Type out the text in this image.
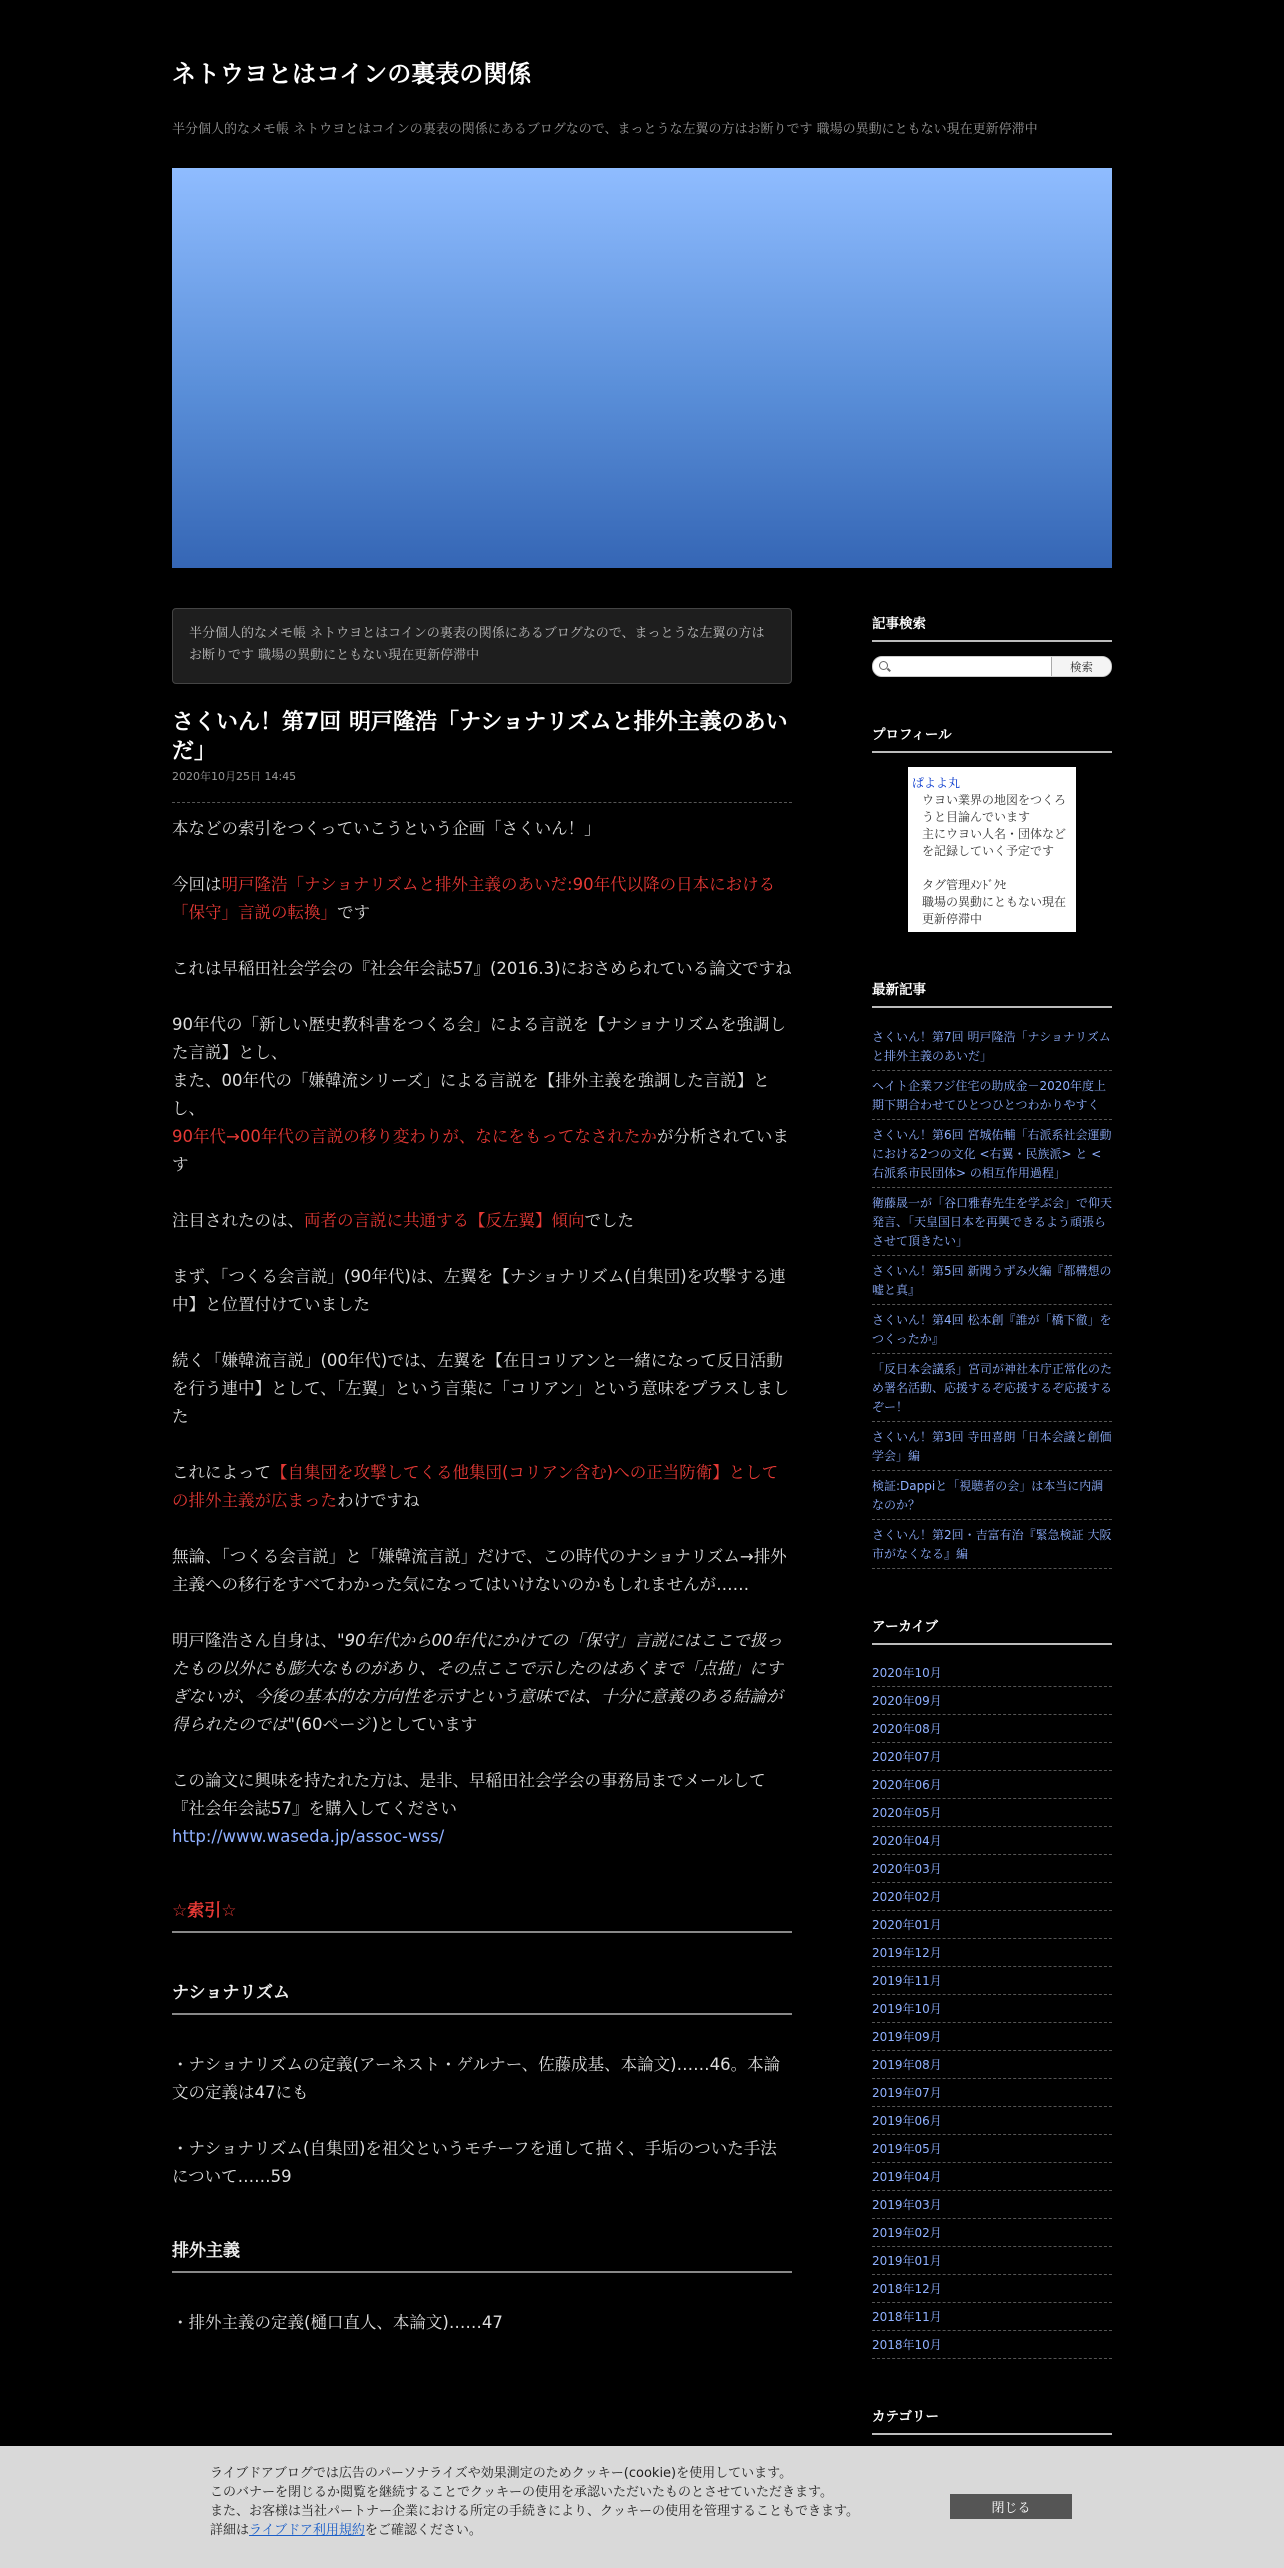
ネトウヨとはコインの裏表の関係

半分個人的なメモ帳 ネトウヨとはコインの裏表の関係にあるブログなので、まっとうな左翼の方はお断りです 職場の異動にともない現在更新停滞中

半分個人的なメモ帳 ネトウヨとはコインの裏表の関係にあるブログなので、まっとうな左翼の方はお断りです 職場の異動にともない現在更新停滞中
さくいん！第7回 明戸隆浩「ナショナリズムと排外主義のあいだ」
2020年10月25日 14:45

本などの索引をつくっていこうという企画「さくいん！」

今回は明戸隆浩「ナショナリズムと排外主義のあいだ:90年代以降の日本における「保守」言説の転換」です

これは早稲田社会学会の『社会年会誌57』(2016.3)におさめられている論文ですね

90年代の「新しい歴史教科書をつくる会」による言説を【ナショナリズムを強調した言説】とし、
また、00年代の「嫌韓流シリーズ」による言説を【排外主義を強調した言説】とし、
90年代→00年代の言説の移り変わりが、なにをもってなされたかが分析されています

注目されたのは、両者の言説に共通する【反左翼】傾向でした

まず、「つくる会言説」(90年代)は、左翼を【ナショナリズム(自集団)を攻撃する連中】と位置付けていました

続く「嫌韓流言説」(00年代)では、左翼を【在日コリアンと一緒になって反日活動を行う連中】として、「左翼」という言葉に「コリアン」という意味をプラスしました

これによって【自集団を攻撃してくる他集団(コリアン含む)への正当防衛】としての排外主義が広まったわけですね

無論、「つくる会言説」と「嫌韓流言説」だけで、この時代のナショナリズム→排外主義への移行をすべてわかった気になってはいけないのかもしれませんが……

明戸隆浩さん自身は、"90年代から00年代にかけての「保守」言説にはここで扱ったもの以外にも膨大なものがあり、その点ここで示したのはあくまで「点描」にすぎないが、今後の基本的な方向性を示すという意味では、十分に意義のある結論が得られたのでは"(60ページ)としています

この論文に興味を持たれた方は、是非、早稲田社会学会の事務局までメールして『社会年会誌57』を購入してください
http://www.waseda.jp/assoc-wss/

☆索引☆
ナショナリズム

・ナショナリズムの定義(アーネスト・ゲルナー、佐藤成基、本論文)……46。本論文の定義は47にも

・ナショナリズム(自集団)を祖父というモチーフを通して描く、手垢のついた手法について……59

排外主義

・排外主義の定義(樋口直人、本論文)……47

記事検索
検索
プロフィール
ぱよよ丸
ウヨい業界の地図をつくろうと目論んでいます
主にウヨい人名・団体などを記録していく予定です
タグ管理ﾒﾝﾄﾞｸｾ
職場の異動にともない現在更新停滞中
最新記事
さくいん！第7回 明戸隆浩「ナショナリズムと排外主義のあいだ」
ヘイト企業フジ住宅の助成金－2020年度上期下期合わせてひとつひとつわかりやすく
さくいん！第6回 宮城佑輔「右派系社会運動における2つの文化 <右翼・民族派> と <右派系市民団体> の相互作用過程」
衛藤晟一が「谷口雅春先生を学ぶ会」で仰天発言、「天皇国日本を再興できるよう頑張らさせて頂きたい」
さくいん！第5回 新聞うずみ火編『都構想の嘘と真』
さくいん！第4回 松本創『誰が「橋下徹」をつくったか』
「反日本会議系」宮司が神社本庁正常化のため署名活動、応援するぞ応援するぞ応援するぞー！
さくいん！第3回 寺田喜朗「日本会議と創価学会」編
検証:Dappiと「視聴者の会」は本当に内調なのか？
さくいん！第2回・吉富有治『緊急検証 大阪市がなくなる』編
アーカイブ
2020年10月
2020年09月
2020年08月
2020年07月
2020年06月
2020年05月
2020年04月
2020年03月
2020年02月
2020年01月
2019年12月
2019年11月
2019年10月
2019年09月
2019年08月
2019年07月
2019年06月
2019年05月
2019年04月
2019年03月
2019年02月
2019年01月
2018年12月
2018年11月
2018年10月
カテゴリー
ライブドアブログでは広告のパーソナライズや効果測定のためクッキー(cookie)を使用しています。
このバナーを閉じるか閲覧を継続することでクッキーの使用を承認いただいたものとさせていただきます。
また、お客様は当社パートナー企業における所定の手続きにより、クッキーの使用を管理することもできます。
詳細はライブドア利用規約をご確認ください。
閉じる
